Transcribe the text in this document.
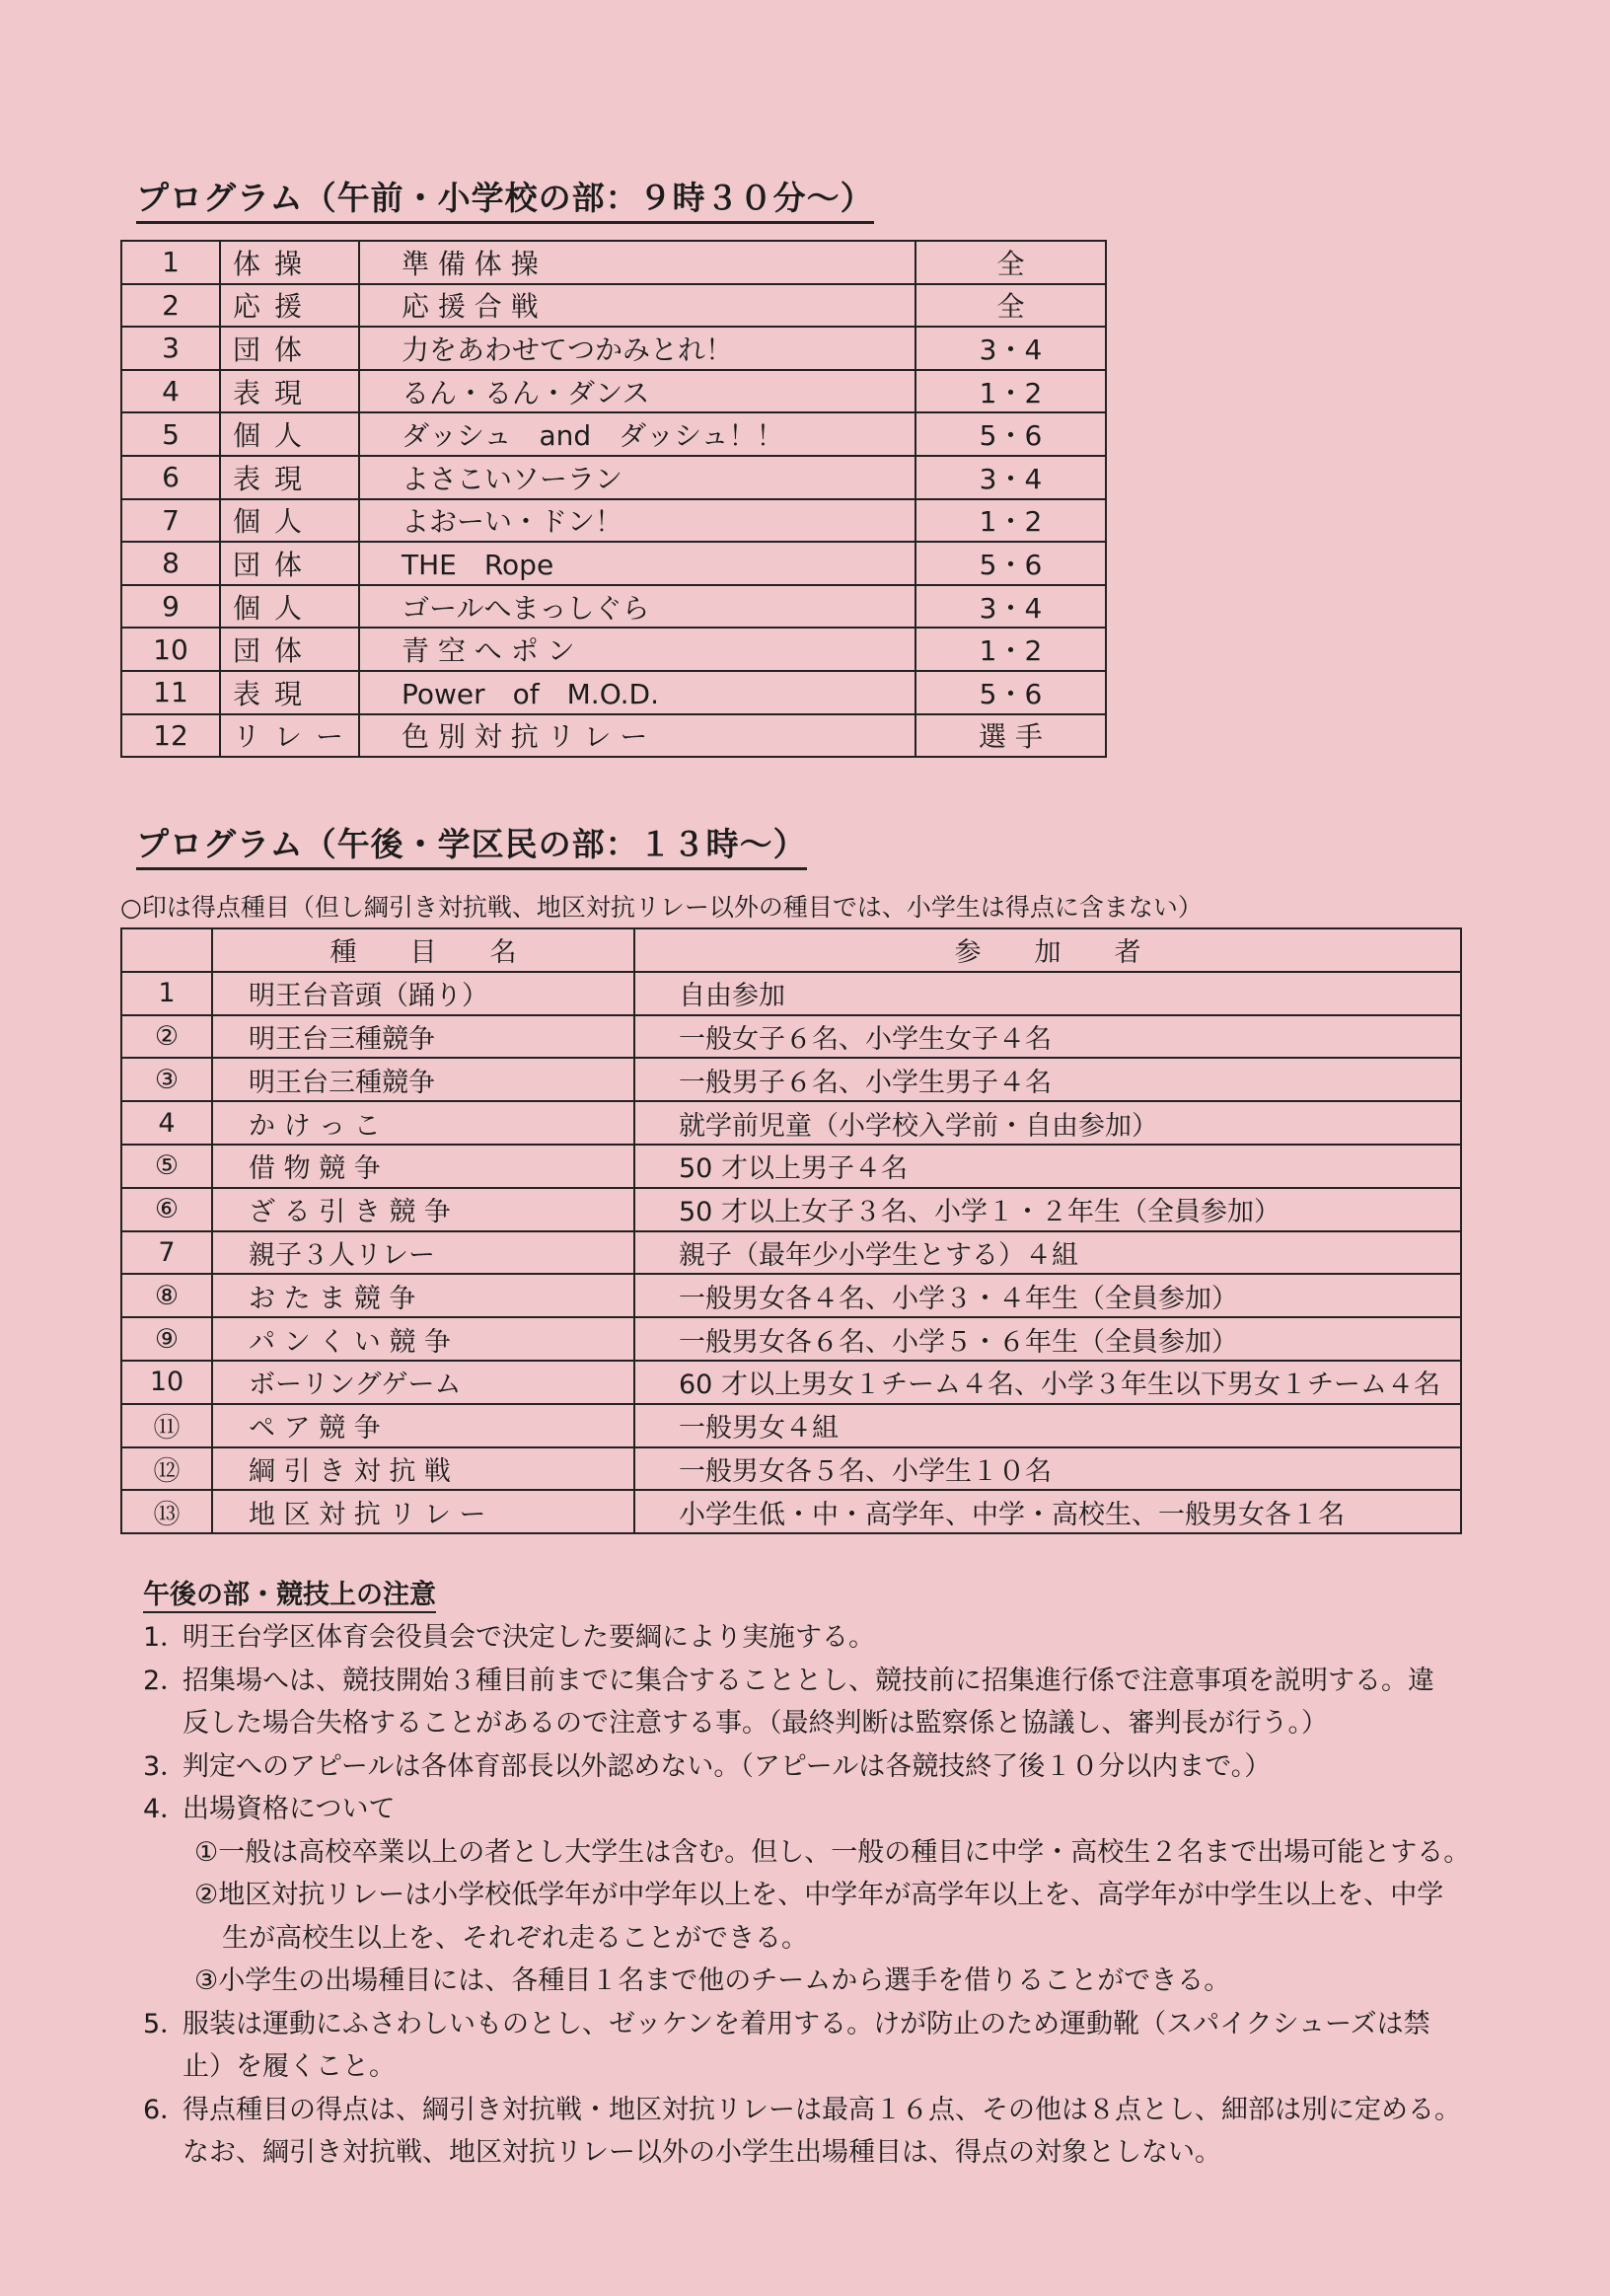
プログラム（午前・小学校の部：９時３０分～）
1	体操	準 備 体 操	全
2	応援	応 援 合 戦	全
3	団体	力をあわせてつかみとれ！	3・4
4	表現	るん・るん・ダンス	1・2
5	個人	ダッシュ　and　ダッシュ！！	5・6
6	表現	よさこいソーラン	3・4
7	個人	よおーい・ドン！	1・2
8	団体	THE　Rope	5・6
9	個人	ゴールへまっしぐら	3・4
10	団体	青 空 へ ポ ン	1・2
11	表現	Power　of　M.O.D.	5・6
12	リレー	色 別 対 抗 リ レ ー	選 手
プログラム（午後・学区民の部：１３時～）
○印は得点種目（但し綱引き対抗戦、地区対抗リレー以外の種目では、小学生は得点に含まない）
	種　　目　　名	参　　加　　者
1	明王台音頭（踊り）	自由参加
②	明王台三種競争	一般女子６名、小学生女子４名
③	明王台三種競争	一般男子６名、小学生男子４名
4	か け っ こ	就学前児童（小学校入学前・自由参加）
⑤	借 物 競 争	50 才以上男子４名
⑥	ざ る 引 き 競 争	50 才以上女子３名、小学１・２年生（全員参加）
7	親子３人リレー	親子（最年少小学生とする）４組
⑧	お た ま 競 争	一般男女各４名、小学３・４年生（全員参加）
⑨	パ ン く い 競 争	一般男女各６名、小学５・６年生（全員参加）
10	ボーリングゲーム	60 才以上男女１チーム４名、小学３年生以下男女１チーム４名
⑪	ペ ア 競 争	一般男女４組
⑫	綱 引 き 対 抗 戦	一般男女各５名、小学生１０名
⑬	地 区 対 抗 リ レ ー	小学生低・中・高学年、中学・高校生、一般男女各１名
午後の部・競技上の注意
1．明王台学区体育会役員会で決定した要綱により実施する。
2．招集場へは、競技開始３種目前までに集合することとし、競技前に招集進行係で注意事項を説明する。違
反した場合失格することがあるので注意する事。（最終判断は監察係と協議し、審判長が行う。）
3．判定へのアピールは各体育部長以外認めない。（アピールは各競技終了後１０分以内まで。）
4．出場資格について
①一般は高校卒業以上の者とし大学生は含む。但し、一般の種目に中学・高校生２名まで出場可能とする。
②地区対抗リレーは小学校低学年が中学年以上を、中学年が高学年以上を、高学年が中学生以上を、中学
生が高校生以上を、それぞれ走ることができる。
③小学生の出場種目には、各種目１名まで他のチームから選手を借りることができる。
5．服装は運動にふさわしいものとし、ゼッケンを着用する。けが防止のため運動靴（スパイクシューズは禁
止）を履くこと。
6．得点種目の得点は、綱引き対抗戦・地区対抗リレーは最高１６点、その他は８点とし、細部は別に定める。
なお、綱引き対抗戦、地区対抗リレー以外の小学生出場種目は、得点の対象としない。
